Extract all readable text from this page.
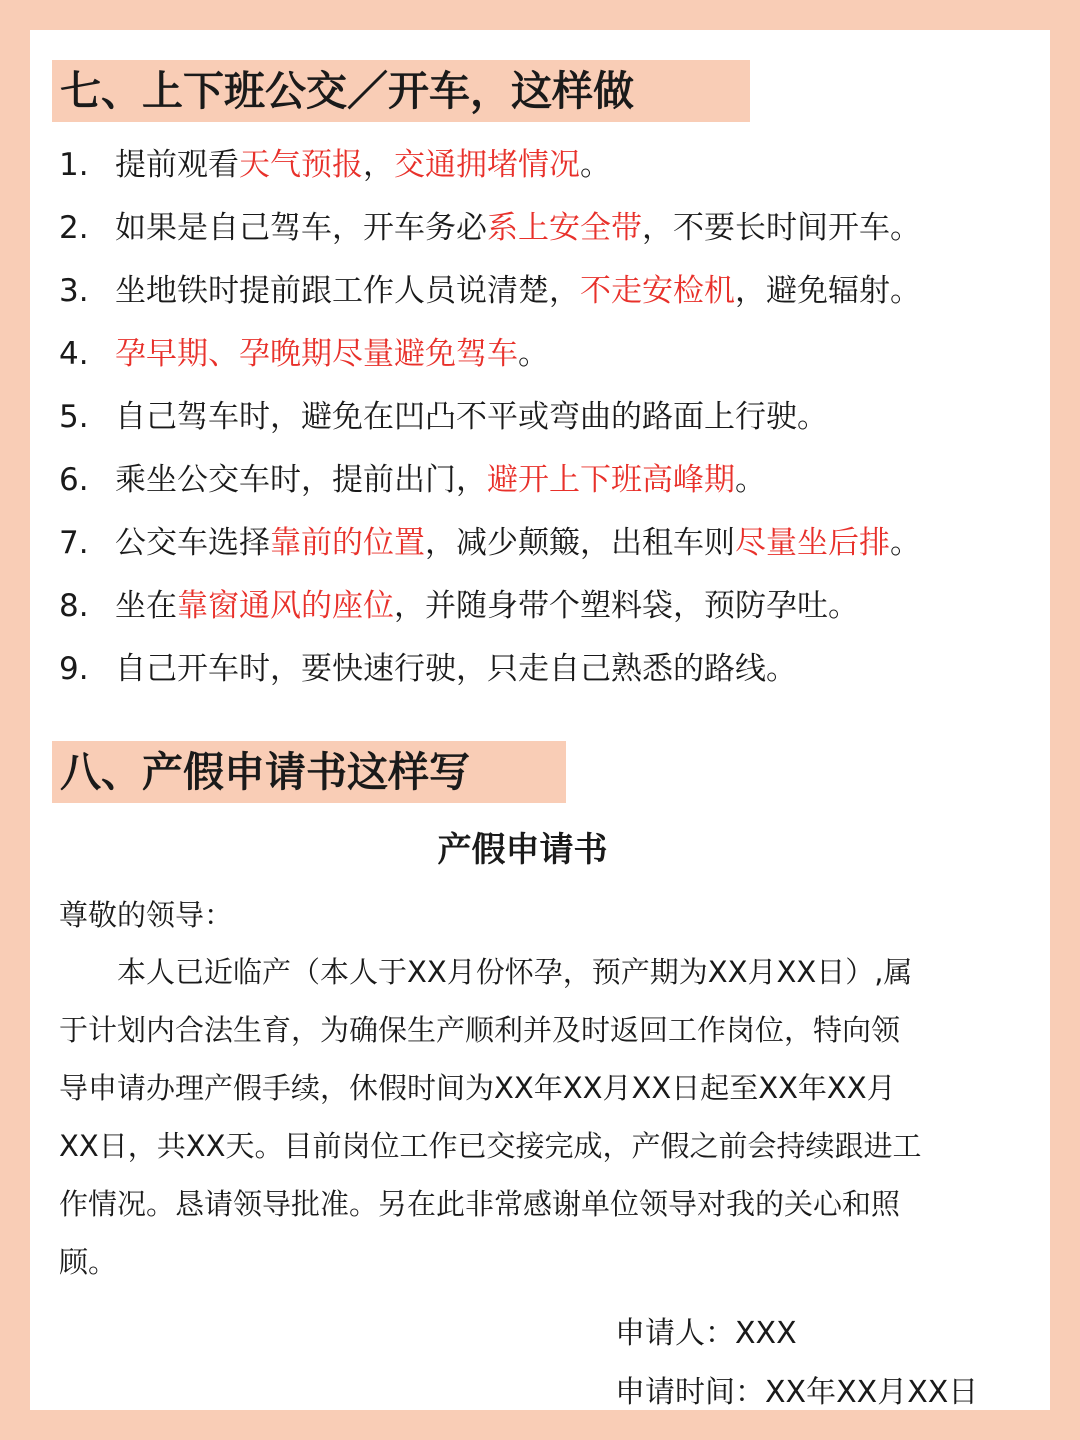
七、上下班公交／开车，这样做
1. 提前观看天气预报，交通拥堵情况。
2. 如果是自己驾车，开车务必系上安全带，不要长时间开车。
3. 坐地铁时提前跟工作人员说清楚，不走安检机，避免辐射。
4. 孕早期、孕晚期尽量避免驾车。
5. 自己驾车时，避免在凹凸不平或弯曲的路面上行驶。
6. 乘坐公交车时，提前出门，避开上下班高峰期。
7. 公交车选择靠前的位置，减少颠簸，出租车则尽量坐后排。
8. 坐在靠窗通风的座位，并随身带个塑料袋，预防孕吐。
9. 自己开车时，要快速行驶，只走自己熟悉的路线。
八、产假申请书这样写
产假申请书
尊敬的领导：
　　本人已近临产（本人于XX月份怀孕，预产期为XX月XX日）,属
于计划内合法生育，为确保生产顺利并及时返回工作岗位，特向领
导申请办理产假手续，休假时间为XX年XX月XX日起至XX年XX月
XX日，共XX天。目前岗位工作已交接完成，产假之前会持续跟进工
作情况。恳请领导批准。另在此非常感谢单位领导对我的关心和照
顾。
申请人：XXX
申请时间：XX年XX月XX日
